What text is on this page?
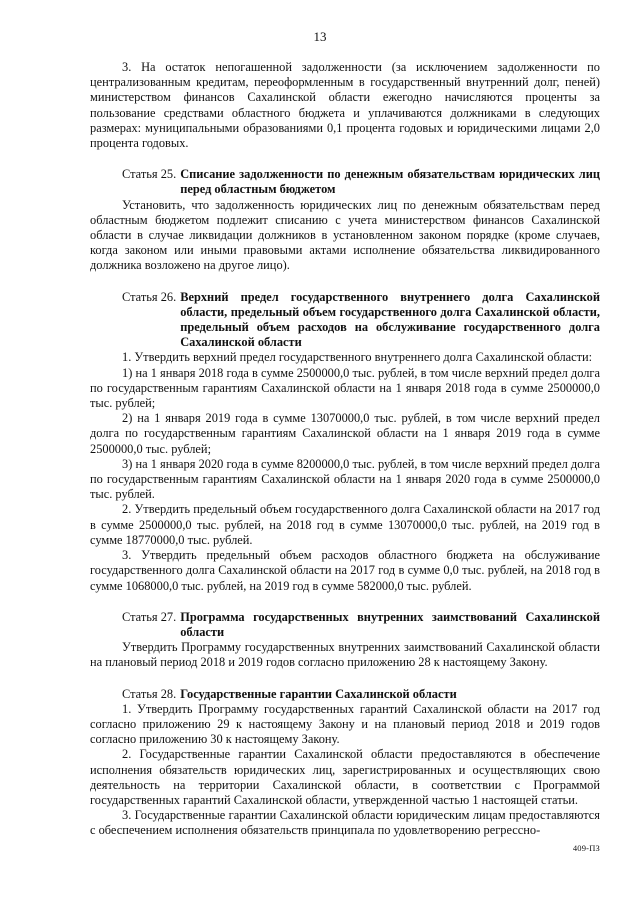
13

3. На остаток непогашенной задолженности (за исключением задолженности по централизованным кредитам, переоформленным в государственный внутренний долг, пеней) министерством финансов Сахалинской области ежегодно начисляются проценты за пользование средствами областного бюджета и уплачиваются должниками в следующих размерах: муниципальными образованиями 0,1 процента годовых и юридическими лицами 2,0 процента годовых.

Статья 25. Списание задолженности по денежным обязательствам юридических лиц перед областным бюджетом

Установить, что задолженность юридических лиц по денежным обязательствам перед областным бюджетом подлежит списанию с учета министерством финансов Сахалинской области в случае ликвидации должников в установленном законом порядке (кроме случаев, когда законом или иными правовыми актами исполнение обязательства ликвидированного должника возложено на другое лицо).

Статья 26. Верхний предел государственного внутреннего долга Сахалинской области, предельный объем государственного долга Сахалинской области, предельный объем расходов на обслуживание государственного долга Сахалинской области

1. Утвердить верхний предел государственного внутреннего долга Сахалинской области:

1) на 1 января 2018 года в сумме 2500000,0 тыс. рублей, в том числе верхний предел долга по государственным гарантиям Сахалинской области на 1 января 2018 года в сумме 2500000,0 тыс. рублей;

2) на 1 января 2019 года в сумме 13070000,0 тыс. рублей, в том числе верхний предел долга по государственным гарантиям Сахалинской области на 1 января 2019 года в сумме 2500000,0 тыс. рублей;

3) на 1 января 2020 года в сумме 8200000,0 тыс. рублей, в том числе верхний предел долга по государственным гарантиям Сахалинской области на 1 января 2020 года в сумме 2500000,0 тыс. рублей.

2. Утвердить предельный объем государственного долга Сахалинской области на 2017 год в сумме 2500000,0 тыс. рублей, на 2018 год в сумме 13070000,0 тыс. рублей, на 2019 год в сумме 18770000,0 тыс. рублей.

3. Утвердить предельный объем расходов областного бюджета на обслуживание государственного долга Сахалинской области на 2017 год в сумме 0,0 тыс. рублей, на 2018 год в сумме 1068000,0 тыс. рублей, на 2019 год в сумме 582000,0 тыс. рублей.

Статья 27. Программа государственных внутренних заимствований Сахалинской области

Утвердить Программу государственных внутренних заимствований Сахалинской области на плановый период 2018 и 2019 годов согласно приложению 28 к настоящему Закону.

Статья 28. Государственные гарантии Сахалинской области

1. Утвердить Программу государственных гарантий Сахалинской области на 2017 год согласно приложению 29 к настоящему Закону и на плановый период 2018 и 2019 годов согласно приложению 30 к настоящему Закону.

2. Государственные гарантии Сахалинской области предоставляются в обеспечение исполнения обязательств юридических лиц, зарегистрированных и осуществляющих свою деятельность на территории Сахалинской области, в соответствии с Программой государственных гарантий Сахалинской области, утвержденной частью 1 настоящей статьи.

3. Государственные гарантии Сахалинской области юридическим лицам предоставляются с обеспечением исполнения обязательств принципала по удовлетворению регрессно-

409-ПЗ
